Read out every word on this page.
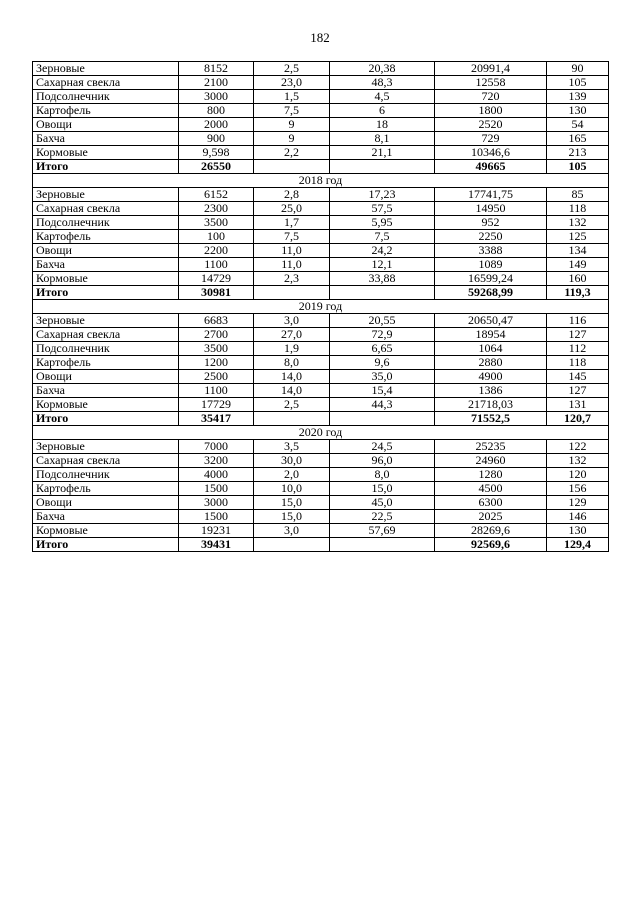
182
Зерновые	8152	2,5	20,38	20991,4	90
Сахарная свекла	2100	23,0	48,3	12558	105
Подсолнечник	3000	1,5	4,5	720	139
Картофель	800	7,5	6	1800	130
Овощи	2000	9	18	2520	54
Бахча	900	9	8,1	729	165
Кормовые	9,598	2,2	21,1	10346,6	213
Итого	26550			49665	105
2018 год					
Зерновые	6152	2,8	17,23	17741,75	85
Сахарная свекла	2300	25,0	57,5	14950	118
Подсолнечник	3500	1,7	5,95	952	132
Картофель	100	7,5	7,5	2250	125
Овощи	2200	11,0	24,2	3388	134
Бахча	1100	11,0	12,1	1089	149
Кормовые	14729	2,3	33,88	16599,24	160
Итого	30981			59268,99	119,3
2019 год					
Зерновые	6683	3,0	20,55	20650,47	116
Сахарная свекла	2700	27,0	72,9	18954	127
Подсолнечник	3500	1,9	6,65	1064	112
Картофель	1200	8,0	9,6	2880	118
Овощи	2500	14,0	35,0	4900	145
Бахча	1100	14,0	15,4	1386	127
Кормовые	17729	2,5	44,3	21718,03	131
Итого	35417			71552,5	120,7
2020 год					
Зерновые	7000	3,5	24,5	25235	122
Сахарная свекла	3200	30,0	96,0	24960	132
Подсолнечник	4000	2,0	8,0	1280	120
Картофель	1500	10,0	15,0	4500	156
Овощи	3000	15,0	45,0	6300	129
Бахча	1500	15,0	22,5	2025	146
Кормовые	19231	3,0	57,69	28269,6	130
Итого	39431			92569,6	129,4
